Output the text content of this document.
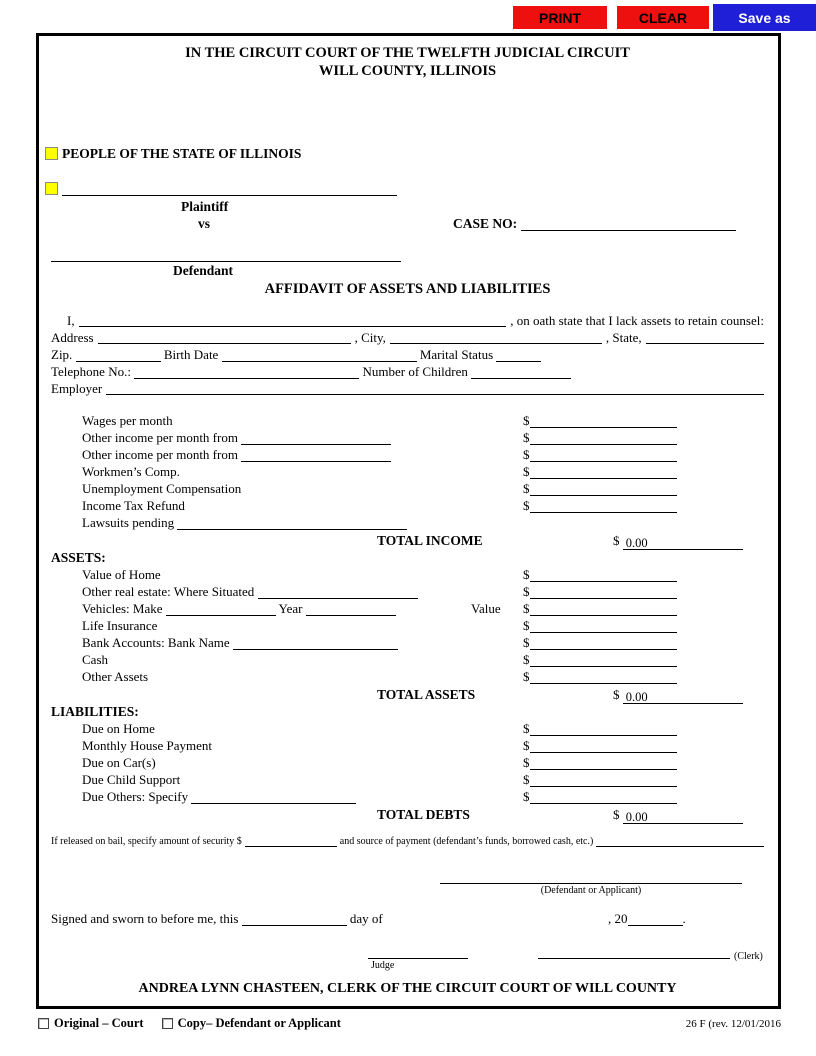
PRINT	CLEAR	Save as
IN THE CIRCUIT COURT OF THE TWELFTH JUDICIAL CIRCUIT
WILL COUNTY, ILLINOIS
PEOPLE OF THE STATE OF ILLINOIS
Plaintiff
vs	CASE NO:
Defendant
AFFIDAVIT OF ASSETS AND LIABILITIES
I,	, on oath state that I lack assets to retain counsel:
Address	, City,	, State,
Zip.	Birth Date	Marital Status
Telephone No.:	Number of Children
Employer
Wages per month	$
Other income per month from	$
Other income per month from	$
Workmen’s Comp.	$
Unemployment Compensation	$
Income Tax Refund	$
Lawsuits pending
TOTAL INCOME	$ 0.00
ASSETS:
Value of Home	$
Other real estate: Where Situated	$
Vehicles: Make	Year	Value $
Life Insurance	$
Bank Accounts: Bank Name	$
Cash	$
Other Assets	$
TOTAL ASSETS	$ 0.00
LIABILITIES:
Due on Home	$
Monthly House Payment	$
Due on Car(s)	$
Due Child Support	$
Due Others: Specify	$
TOTAL DEBTS	$ 0.00
If released on bail, specify amount of security $	and source of payment (defendant’s funds, borrowed cash, etc.)
(Defendant or Applicant)
Signed and sworn to before me, this	day of	, 20	.
Judge
(Clerk)
ANDREA LYNN CHASTEEN, CLERK OF THE CIRCUIT COURT OF WILL COUNTY
Original – Court	Copy– Defendant or Applicant	26 F (rev. 12/01/2016
